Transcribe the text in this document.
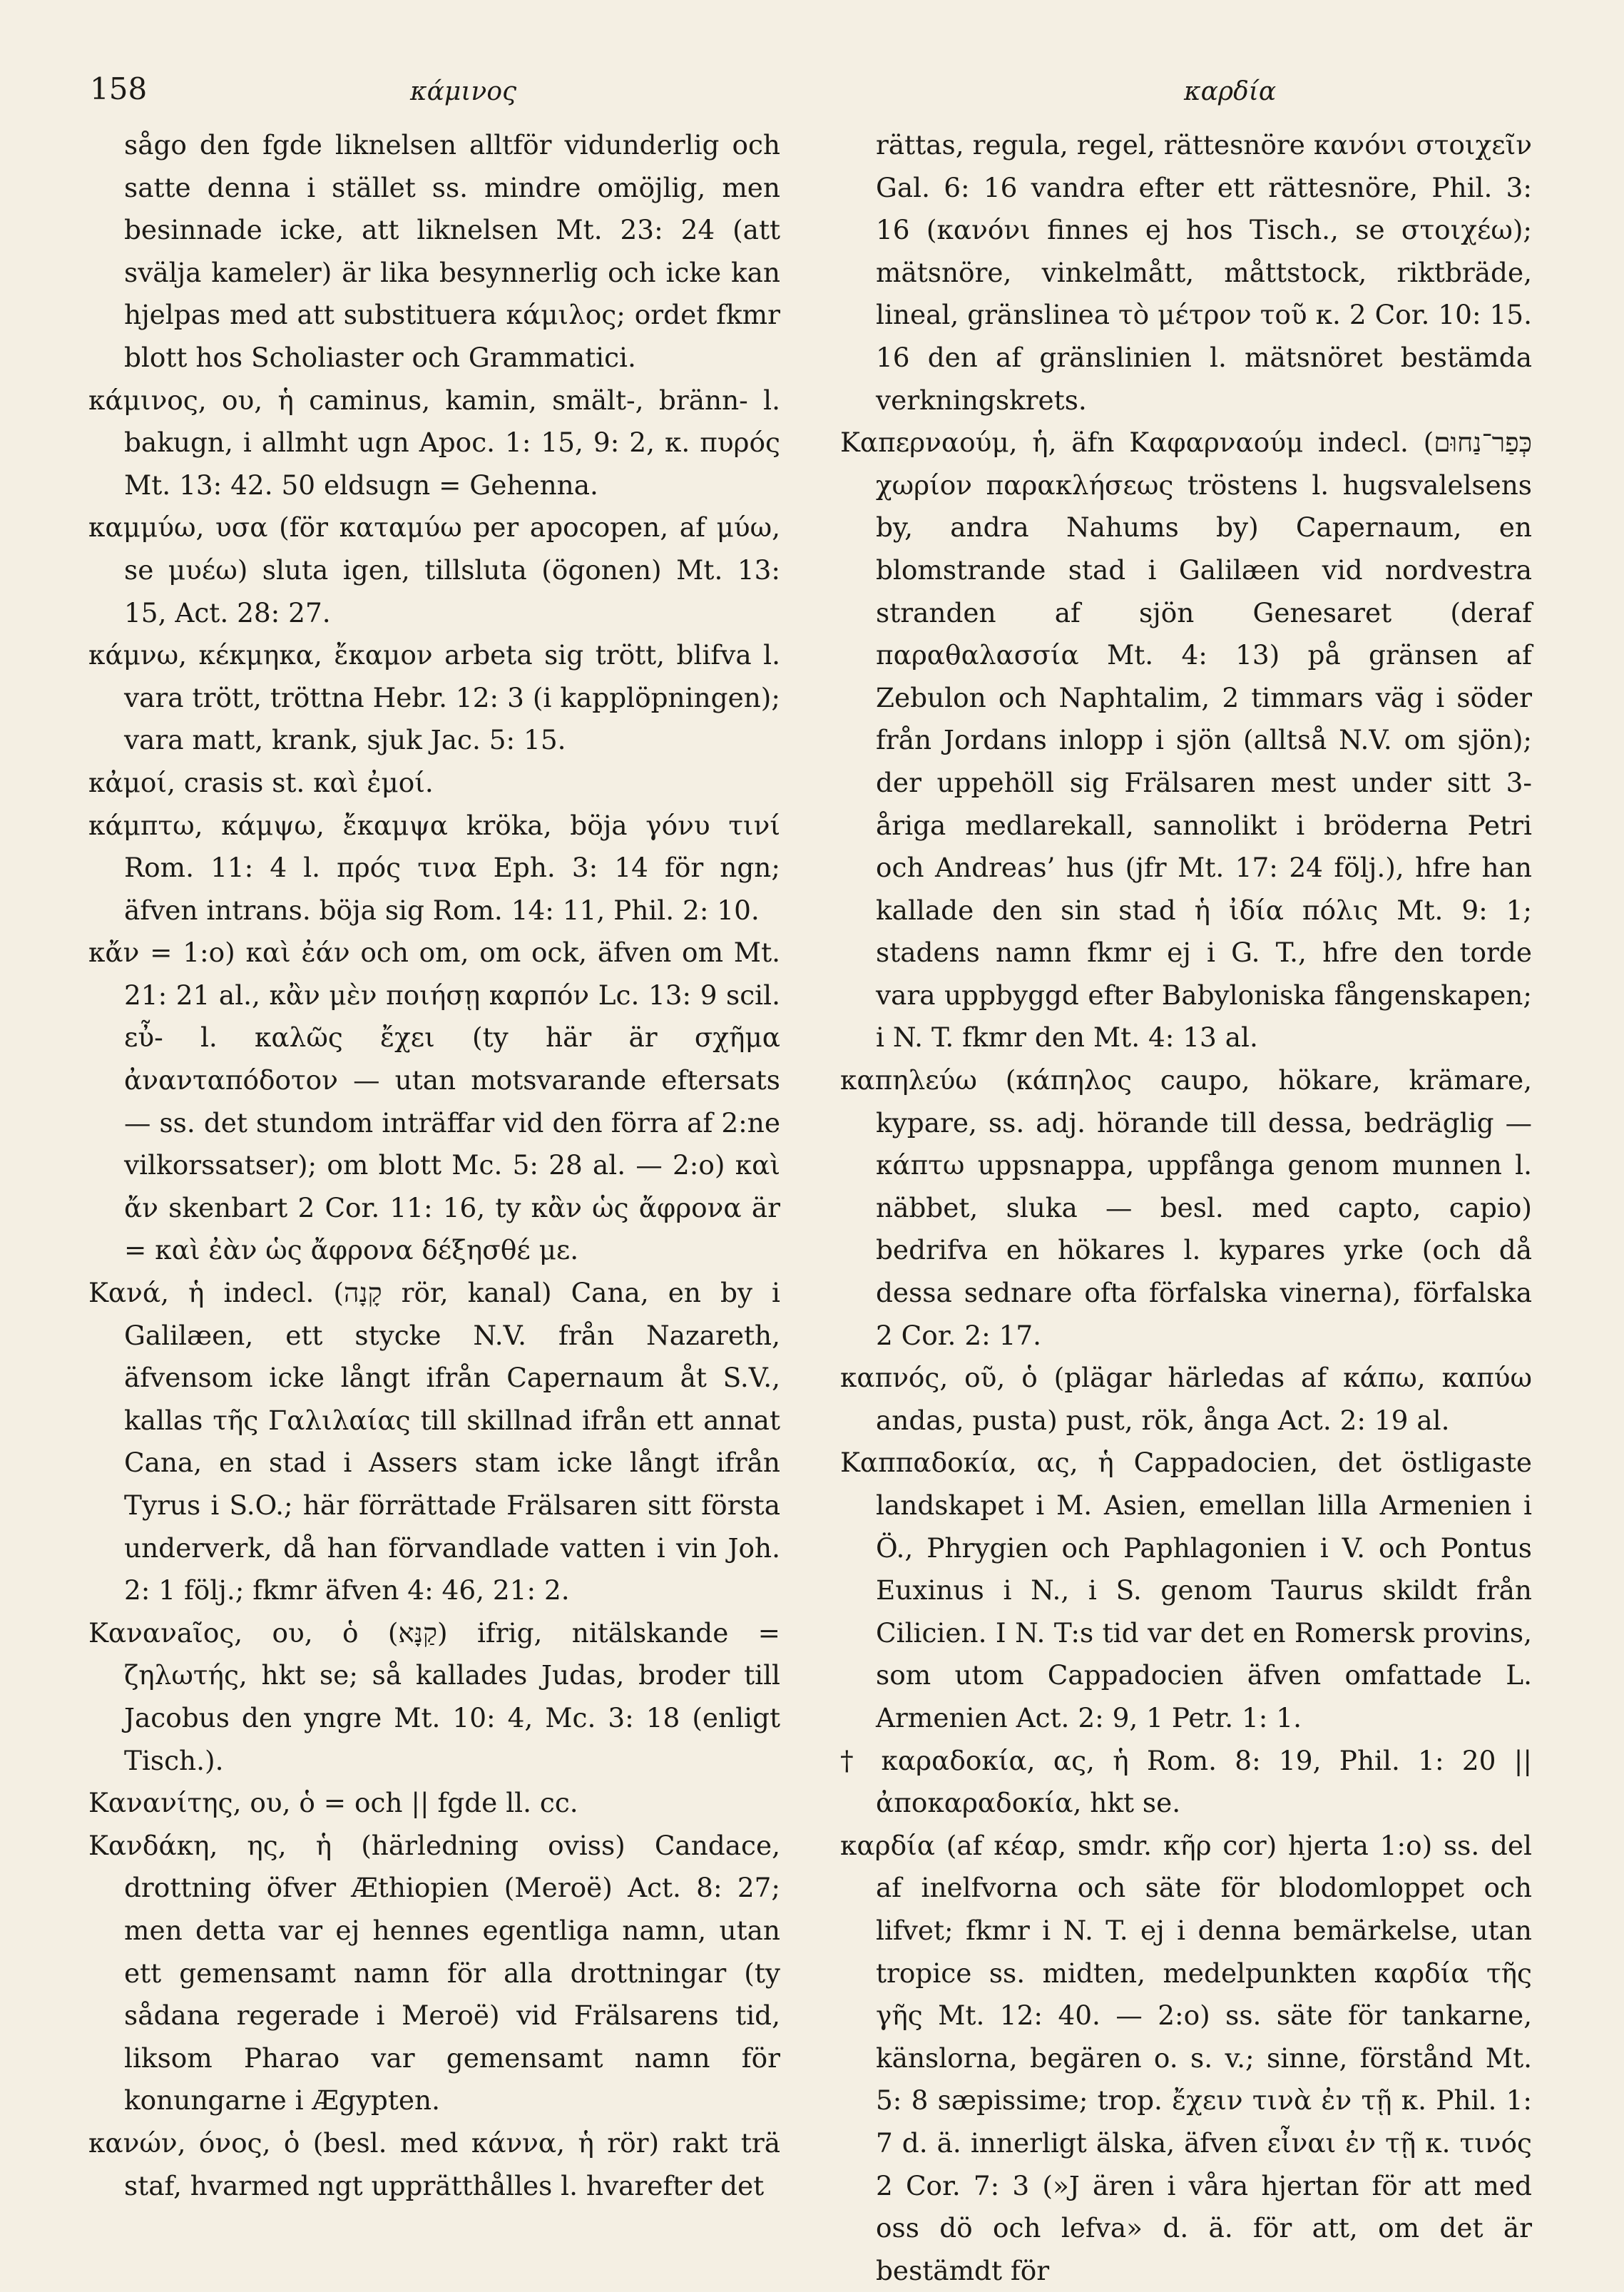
158	κάμινος	καρδία

sågo den fgde liknelsen alltför vidunderlig och satte denna i stället ss. mindre omöjlig, men besinnade icke, att liknelsen Mt. 23: 24 (att svälja kameler) är lika besynnerlig och icke kan hjelpas med att substituera κάμιλος; ordet fkmr blott hos Scholiaster och Grammatici.

κάμινος, ου, ἡ caminus, kamin, smält-, bränn- l. bakugn, i allmht ugn Apoc. 1: 15, 9: 2, κ. πυρός Mt. 13: 42. 50 eldsugn = Gehenna.

καμμύω, υσα (för καταμύω per apocopen, af μύω, se μυέω) sluta igen, tillsluta (ögonen) Mt. 13: 15, Act. 28: 27.

κάμνω, κέκμηκα, ἔκαμον arbeta sig trött, blifva l. vara trött, tröttna Hebr. 12: 3 (i kapplöpningen); vara matt, krank, sjuk Jac. 5: 15.

κἀμοί, crasis st. καὶ ἐμοί.

κάμπτω, κάμψω, ἔκαμψα kröka, böja γόνυ τινί Rom. 11: 4 l. πρός τινα Eph. 3: 14 för ngn; äfven intrans. böja sig Rom. 14: 11, Phil. 2: 10.

κἄν = 1:o) καὶ ἐάν och om, om ock, äfven om Mt. 21: 21 al., κἂν μὲν ποιήσῃ καρπόν Lc. 13: 9 scil. εὖ- l. καλῶς ἔχει (ty här är σχῆμα ἀνανταπόδοτον — utan motsvarande eftersats — ss. det stundom inträffar vid den förra af 2:ne vilkorssatser); om blott Mc. 5: 28 al. — 2:o) καὶ ἄν skenbart 2 Cor. 11: 16, ty κἂν ὡς ἄφρονα är = καὶ ἐὰν ὡς ἄφρονα δέξησθέ με.

Κανά, ἡ indecl. (קָנָה rör, kanal) Cana, en by i Galilæen, ett stycke N.V. från Nazareth, äfvensom icke långt ifrån Capernaum åt S.V., kallas τῆς Γαλιλαίας till skillnad ifrån ett annat Cana, en stad i Assers stam icke långt ifrån Tyrus i S.O.; här förrättade Frälsaren sitt första underverk, då han förvandlade vatten i vin Joh. 2: 1 följ.; fkmr äfven 4: 46, 21: 2.

Κανανaῖος, ου, ὁ (קַנָּא) ifrig, nitälskande = ζηλωτής, hkt se; så kallades Judas, broder till Jacobus den yngre Mt. 10: 4, Mc. 3: 18 (enligt Tisch.).

Κανανίτης, ου, ὁ = och || fgde ll. cc.

Κανδάκη, ης, ἡ (härledning oviss) Candace, drottning öfver Æthiopien (Meroë) Act. 8: 27; men detta var ej hennes egentliga namn, utan ett gemensamt namn för alla drottningar (ty sådana regerade i Meroë) vid Frälsarens tid, liksom Pharao var gemensamt namn för konungarne i Ægypten.

κανών, όνος, ὁ (besl. med κάννα, ἡ rör) rakt trä staf, hvarmed ngt upprätthålles l. hvarefter det

rättas, regula, regel, rättesnöre κανόνι στοιχεῖν Gal. 6: 16 vandra efter ett rättesnöre, Phil. 3: 16 (κανόνι finnes ej hos Tisch., se στοιχέω); mätsnöre, vinkelmått, måttstock, riktbräde, lineal, gränslinea τὸ μέτρον τοῦ κ. 2 Cor. 10: 15. 16 den af gränslinien l. mätsnöret bestämda verkningskrets.

Καπερναούμ, ἡ, äfn Καφαρναούμ indecl. (כְּפַר־נַחוּם χωρίον παρακλήσεως tröstens l. hugsvalelsens by, andra Nahums by) Capernaum, en blomstrande stad i Galilæen vid nordvestra stranden af sjön Genesaret (deraf παραθαλασσία Mt. 4: 13) på gränsen af Zebulon och Naphtalim, 2 timmars väg i söder från Jordans inlopp i sjön (alltså N.V. om sjön); der uppehöll sig Frälsaren mest under sitt 3-åriga medlarekall, sannolikt i bröderna Petri och Andreas’ hus (jfr Mt. 17: 24 följ.), hfre han kallade den sin stad ἡ ἰδία πόλις Mt. 9: 1; stadens namn fkmr ej i G. T., hfre den torde vara uppbyggd efter Babyloniska fångenskapen; i N. T. fkmr den Mt. 4: 13 al.

καπηλεύω (κάπηλος caupo, hökare, krämare, kypare, ss. adj. hörande till dessa, bedräglig — κάπτω uppsnappa, uppfånga genom munnen l. näbbet, sluka — besl. med capto, capio) bedrifva en hökares l. kypares yrke (och då dessa sednare ofta förfalska vinerna), förfalska 2 Cor. 2: 17.

καπνός, οῦ, ὁ (plägar härledas af κάπω, καπύω andas, pusta) pust, rök, ånga Act. 2: 19 al.

Καππαδοκία, ας, ἡ Cappadocien, det östligaste landskapet i M. Asien, emellan lilla Armenien i Ö., Phrygien och Paphlagonien i V. och Pontus Euxinus i N., i S. genom Taurus skildt från Cilicien. I N. T:s tid var det en Romersk provins, som utom Cappadocien äfven omfattade L. Armenien Act. 2: 9, 1 Petr. 1: 1.

† καραδοκία, ας, ἡ Rom. 8: 19, Phil. 1: 20 || ἀποκαραδοκία, hkt se.

καρδία (af κέαρ, smdr. κῆρ cor) hjerta 1:o) ss. del af inelfvorna och säte för blodomloppet och lifvet; fkmr i N. T. ej i denna bemärkelse, utan tropice ss. midten, medelpunkten καρδία τῆς γῆς Mt. 12: 40. — 2:o) ss. säte för tankarne, känslorna, begären o. s. v.; sinne, förstånd Mt. 5: 8 sæpissime; trop. ἔχειν τινὰ ἐν τῇ κ. Phil. 1: 7 d. ä. innerligt älska, äfven εἶναι ἐν τῇ κ. τινός 2 Cor. 7: 3 (»J ären i våra hjertan för att med oss dö och lefva» d. ä. för att, om det är bestämdt för
